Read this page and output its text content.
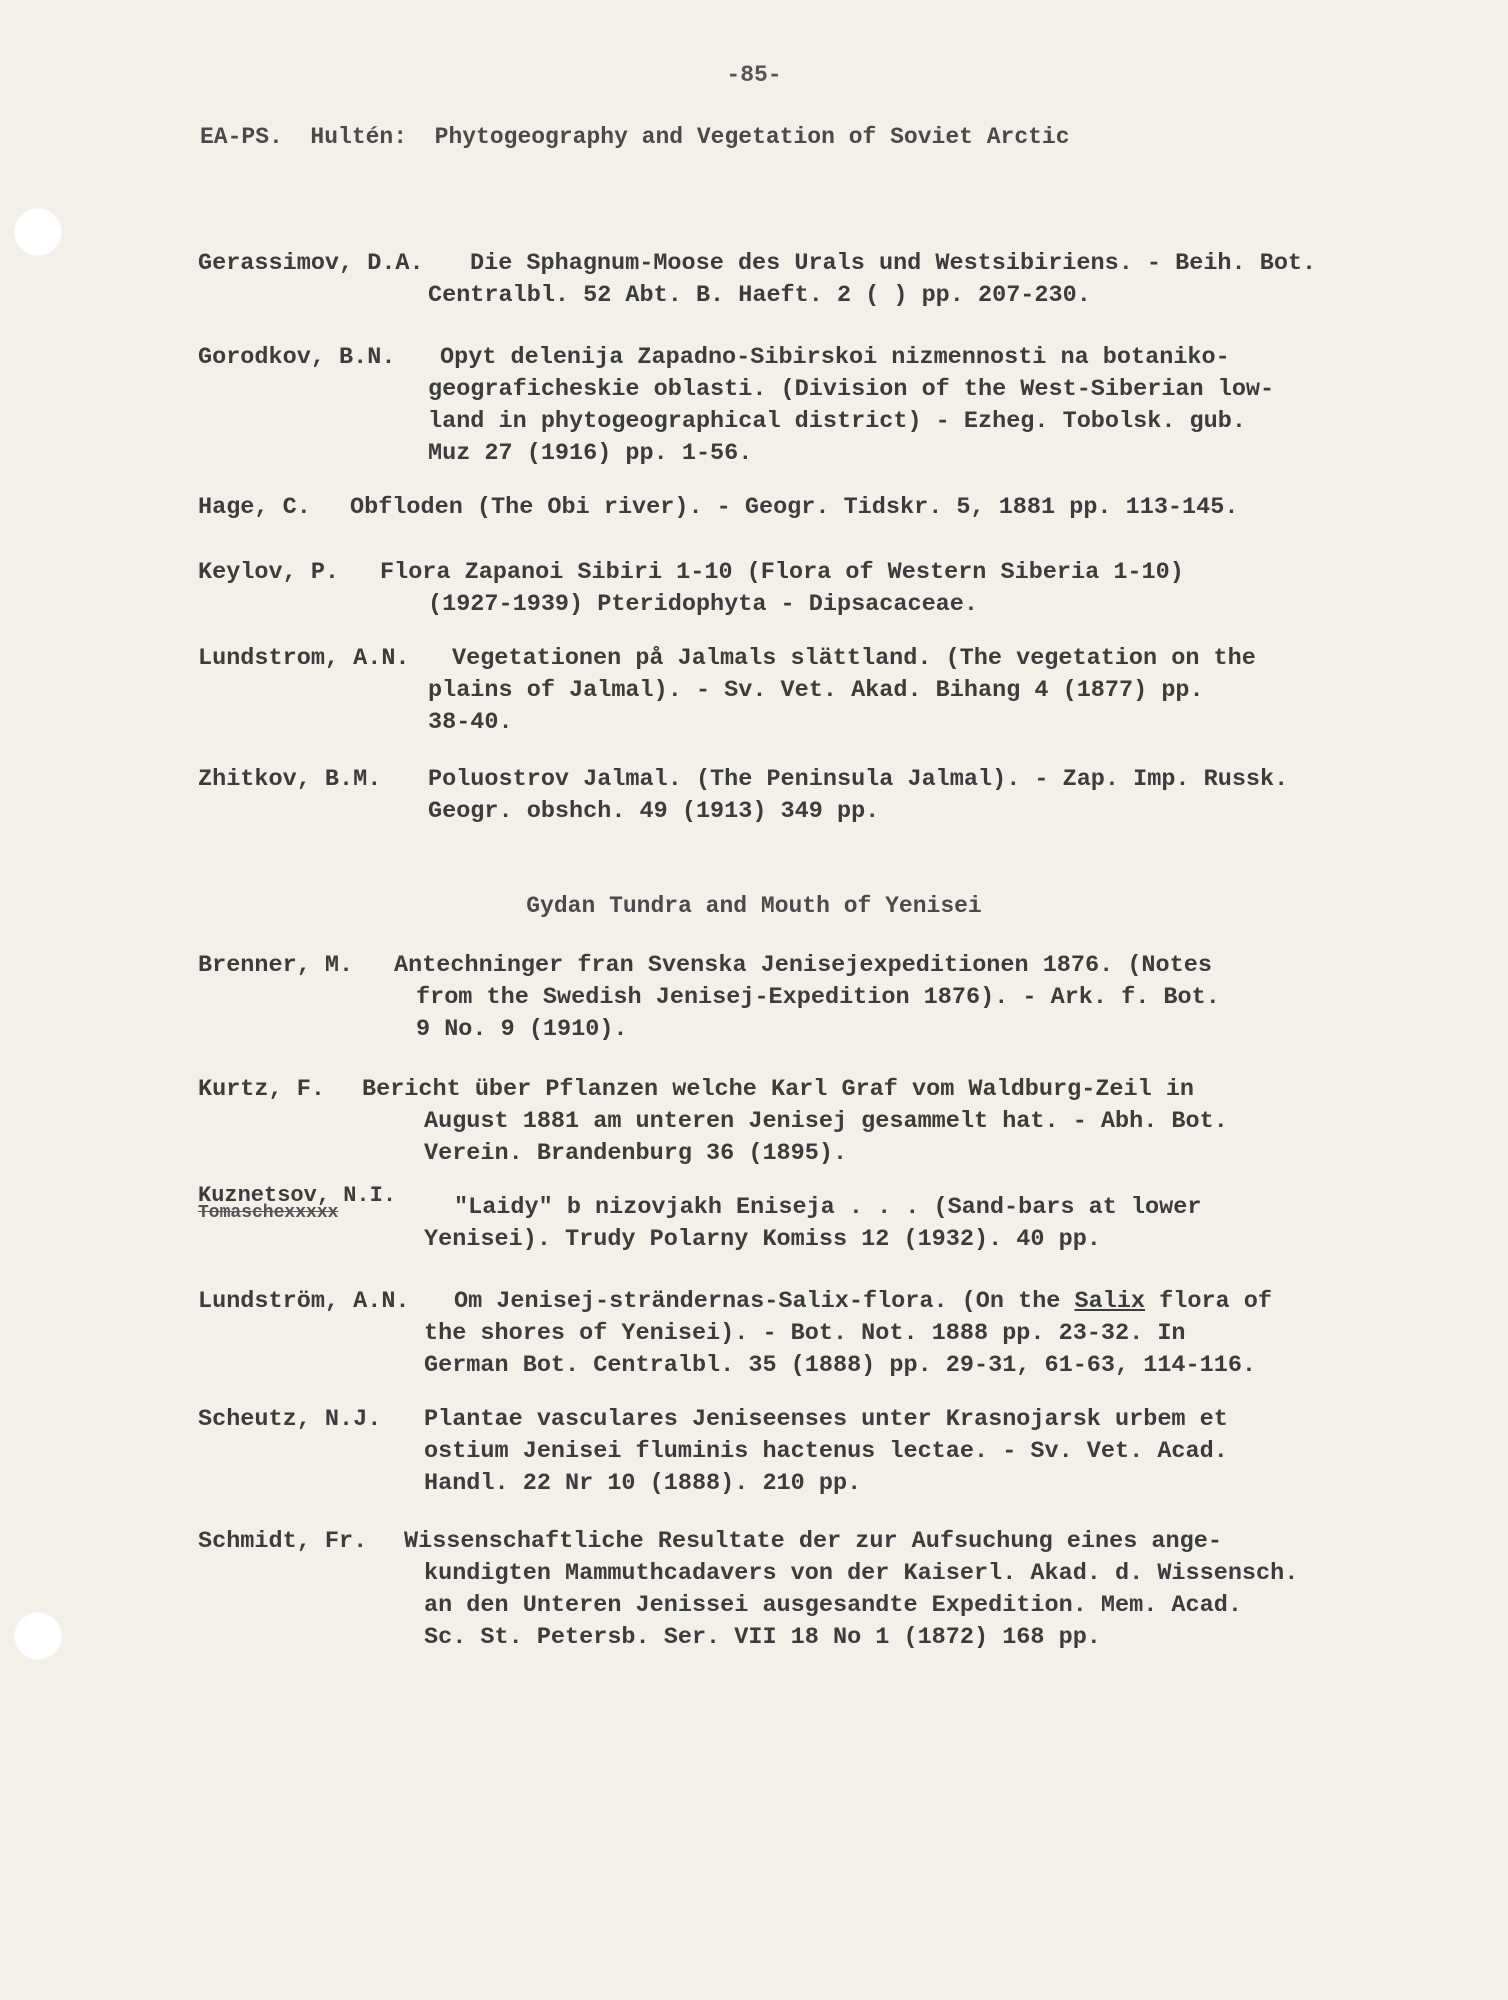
-85-
EA-PS.  Hultén:  Phytogeography and Vegetation of Soviet Arctic
Gerassimov, D.A.	Die Sphagnum-Moose des Urals und Westsibiriens. - Beih. Bot.
Centralbl. 52 Abt. B. Haeft. 2 ( ) pp. 207-230.
Gorodkov, B.N.	Opyt delenija Zapadno-Sibirskoi nizmennosti na botaniko-
geograficheskie oblasti. (Division of the West-Siberian low-
land in phytogeographical district) - Ezheg. Tobolsk. gub.
Muz 27 (1916) pp. 1-56.
Hage, C.	Obfloden (The Obi river). - Geogr. Tidskr. 5, 1881 pp. 113-145.
Keylov, P.	Flora Zapanoi Sibiri 1-10 (Flora of Western Siberia 1-10)
(1927-1939) Pteridophyta - Dipsacaceae.
Lundstrom, A.N.	Vegetationen på Jalmals slättland. (The vegetation on the
plains of Jalmal). - Sv. Vet. Akad. Bihang 4 (1877) pp.
38-40.
Zhitkov, B.M.	Poluostrov Jalmal. (The Peninsula Jalmal). - Zap. Imp. Russk.
Geogr. obshch. 49 (1913) 349 pp.
Gydan Tundra and Mouth of Yenisei
Brenner, M.	Antechninger fran Svenska Jenisejexpeditionen 1876. (Notes
from the Swedish Jenisej-Expedition 1876). - Ark. f. Bot.
9 No. 9 (1910).
Kurtz, F.	Bericht über Pflanzen welche Karl Graf vom Waldburg-Zeil in
August 1881 am unteren Jenisej gesammelt hat. - Abh. Bot.
Verein. Brandenburg 36 (1895).
Kuznetsov, N.I.
Tomaschexxxxx	"Laidy" b nizovjakh Eniseja . . . (Sand-bars at lower
Yenisei). Trudy Polarny Komiss 12 (1932). 40 pp.
Lundström, A.N.	Om Jenisej-strändernas-Salix-flora. (On the Salix flora of
the shores of Yenisei). - Bot. Not. 1888 pp. 23-32. In
German Bot. Centralbl. 35 (1888) pp. 29-31, 61-63, 114-116.
Scheutz, N.J.	Plantae vasculares Jeniseenses unter Krasnojarsk urbem et
ostium Jenisei fluminis hactenus lectae. - Sv. Vet. Acad.
Handl. 22 Nr 10 (1888). 210 pp.
Schmidt, Fr.	Wissenschaftliche Resultate der zur Aufsuchung eines ange-
kundigten Mammuthcadavers von der Kaiserl. Akad. d. Wissensch.
an den Unteren Jenissei ausgesandte Expedition. Mem. Acad.
Sc. St. Petersb. Ser. VII 18 No 1 (1872) 168 pp.
